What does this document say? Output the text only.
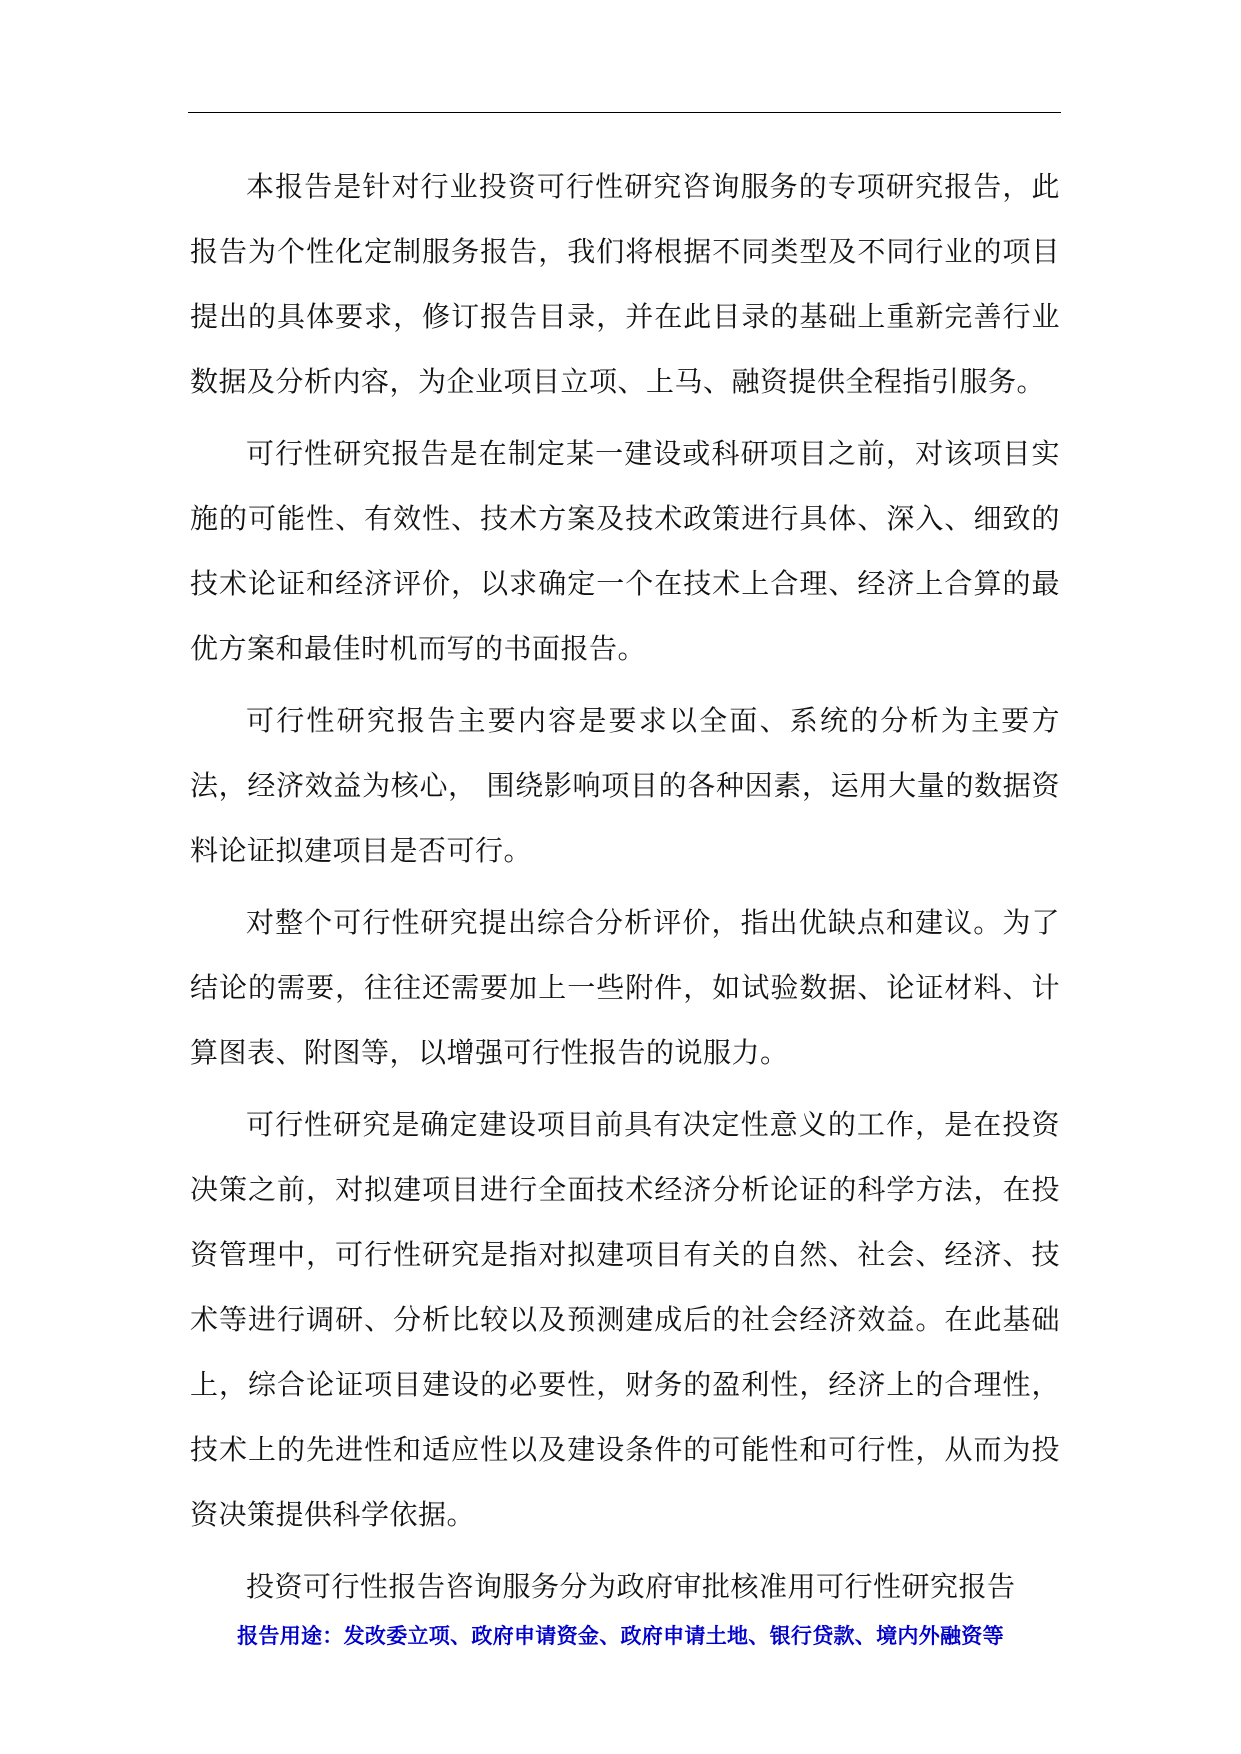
本报告是针对行业投资可行性研究咨询服务的专项研究报告，此报告为个性化定制服务报告，我们将根据不同类型及不同行业的项目提出的具体要求，修订报告目录，并在此目录的基础上重新完善行业数据及分析内容，为企业项目立项、上马、融资提供全程指引服务。

可行性研究报告是在制定某一建设或科研项目之前，对该项目实施的可能性、有效性、技术方案及技术政策进行具体、深入、细致的技术论证和经济评价，以求确定一个在技术上合理、经济上合算的最优方案和最佳时机而写的书面报告。

可行性研究报告主要内容是要求以全面、系统的分析为主要方法，经济效益为核心， 围绕影响项目的各种因素，运用大量的数据资料论证拟建项目是否可行。

对整个可行性研究提出综合分析评价，指出优缺点和建议。为了结论的需要，往往还需要加上一些附件，如试验数据、论证材料、计算图表、附图等，以增强可行性报告的说服力。

可行性研究是确定建设项目前具有决定性意义的工作，是在投资决策之前，对拟建项目进行全面技术经济分析论证的科学方法，在投资管理中，可行性研究是指对拟建项目有关的自然、社会、经济、技术等进行调研、分析比较以及预测建成后的社会经济效益。在此基础上，综合论证项目建设的必要性，财务的盈利性，经济上的合理性，技术上的先进性和适应性以及建设条件的可能性和可行性，从而为投资决策提供科学依据。

投资可行性报告咨询服务分为政府审批核准用可行性研究报告

报告用途：发改委立项、政府申请资金、政府申请土地、银行贷款、境内外融资等
